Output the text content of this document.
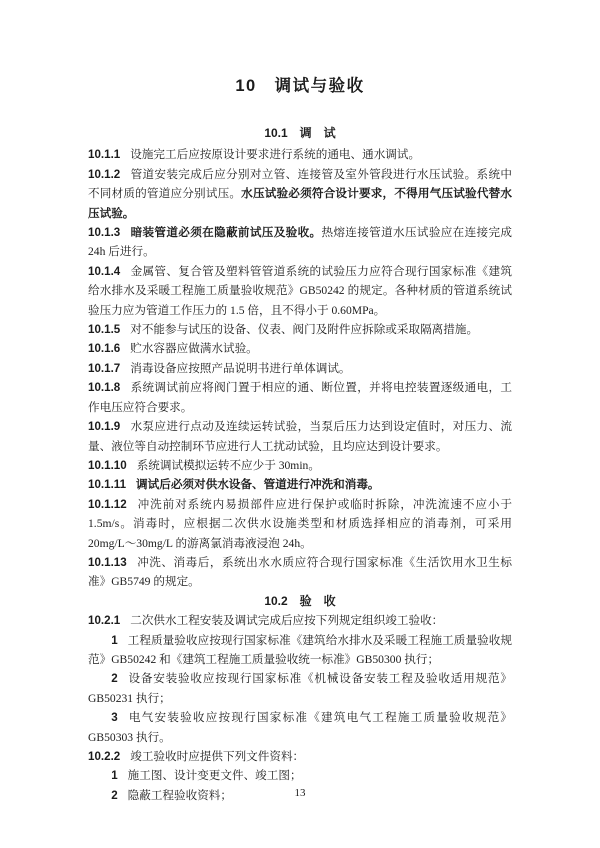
10　调试与验收
10.1　调　试

10.1.1 设施完工后应按原设计要求进行系统的通电、通水调试。

10.1.2 管道安装完成后应分别对立管、连接管及室外管段进行水压试验。系统中不同材质的管道应分别试压。水压试验必须符合设计要求，不得用气压试验代替水压试验。

10.1.3 暗装管道必须在隐蔽前试压及验收。热熔连接管道水压试验应在连接完成 24h 后进行。

10.1.4 金属管、复合管及塑料管管道系统的试验压力应符合现行国家标准《建筑给水排水及采暖工程施工质量验收规范》GB50242 的规定。各种材质的管道系统试验压力应为管道工作压力的 1.5 倍，且不得小于 0.60MPa。

10.1.5 对不能参与试压的设备、仪表、阀门及附件应拆除或采取隔离措施。

10.1.6 贮水容器应做满水试验。

10.1.7 消毒设备应按照产品说明书进行单体调试。

10.1.8 系统调试前应将阀门置于相应的通、断位置，并将电控装置逐级通电，工作电压应符合要求。

10.1.9 水泵应进行点动及连续运转试验，当泵后压力达到设定值时，对压力、流量、液位等自动控制环节应进行人工扰动试验，且均应达到设计要求。

10.1.10 系统调试模拟运转不应少于 30min。

10.1.11 调试后必须对供水设备、管道进行冲洗和消毒。

10.1.12 冲洗前对系统内易损部件应进行保护或临时拆除，冲洗流速不应小于 1.5m/s。消毒时，应根据二次供水设施类型和材质选择相应的消毒剂，可采用 20mg/L～30mg/L 的游离氯消毒液浸泡 24h。

10.1.13 冲洗、消毒后，系统出水水质应符合现行国家标准《生活饮用水卫生标准》GB5749 的规定。

10.2　验　收

10.2.1 二次供水工程安装及调试完成后应按下列规定组织竣工验收：

1 工程质量验收应按现行国家标准《建筑给水排水及采暖工程施工质量验收规范》GB50242 和《建筑工程施工质量验收统一标准》GB50300 执行；

2 设备安装验收应按现行国家标准《机械设备安装工程及验收适用规范》GB50231 执行；

3 电气安装验收应按现行国家标准《建筑电气工程施工质量验收规范》GB50303 执行。

10.2.2 竣工验收时应提供下列文件资料：

1 施工图、设计变更文件、竣工图；

2 隐蔽工程验收资料；	13
